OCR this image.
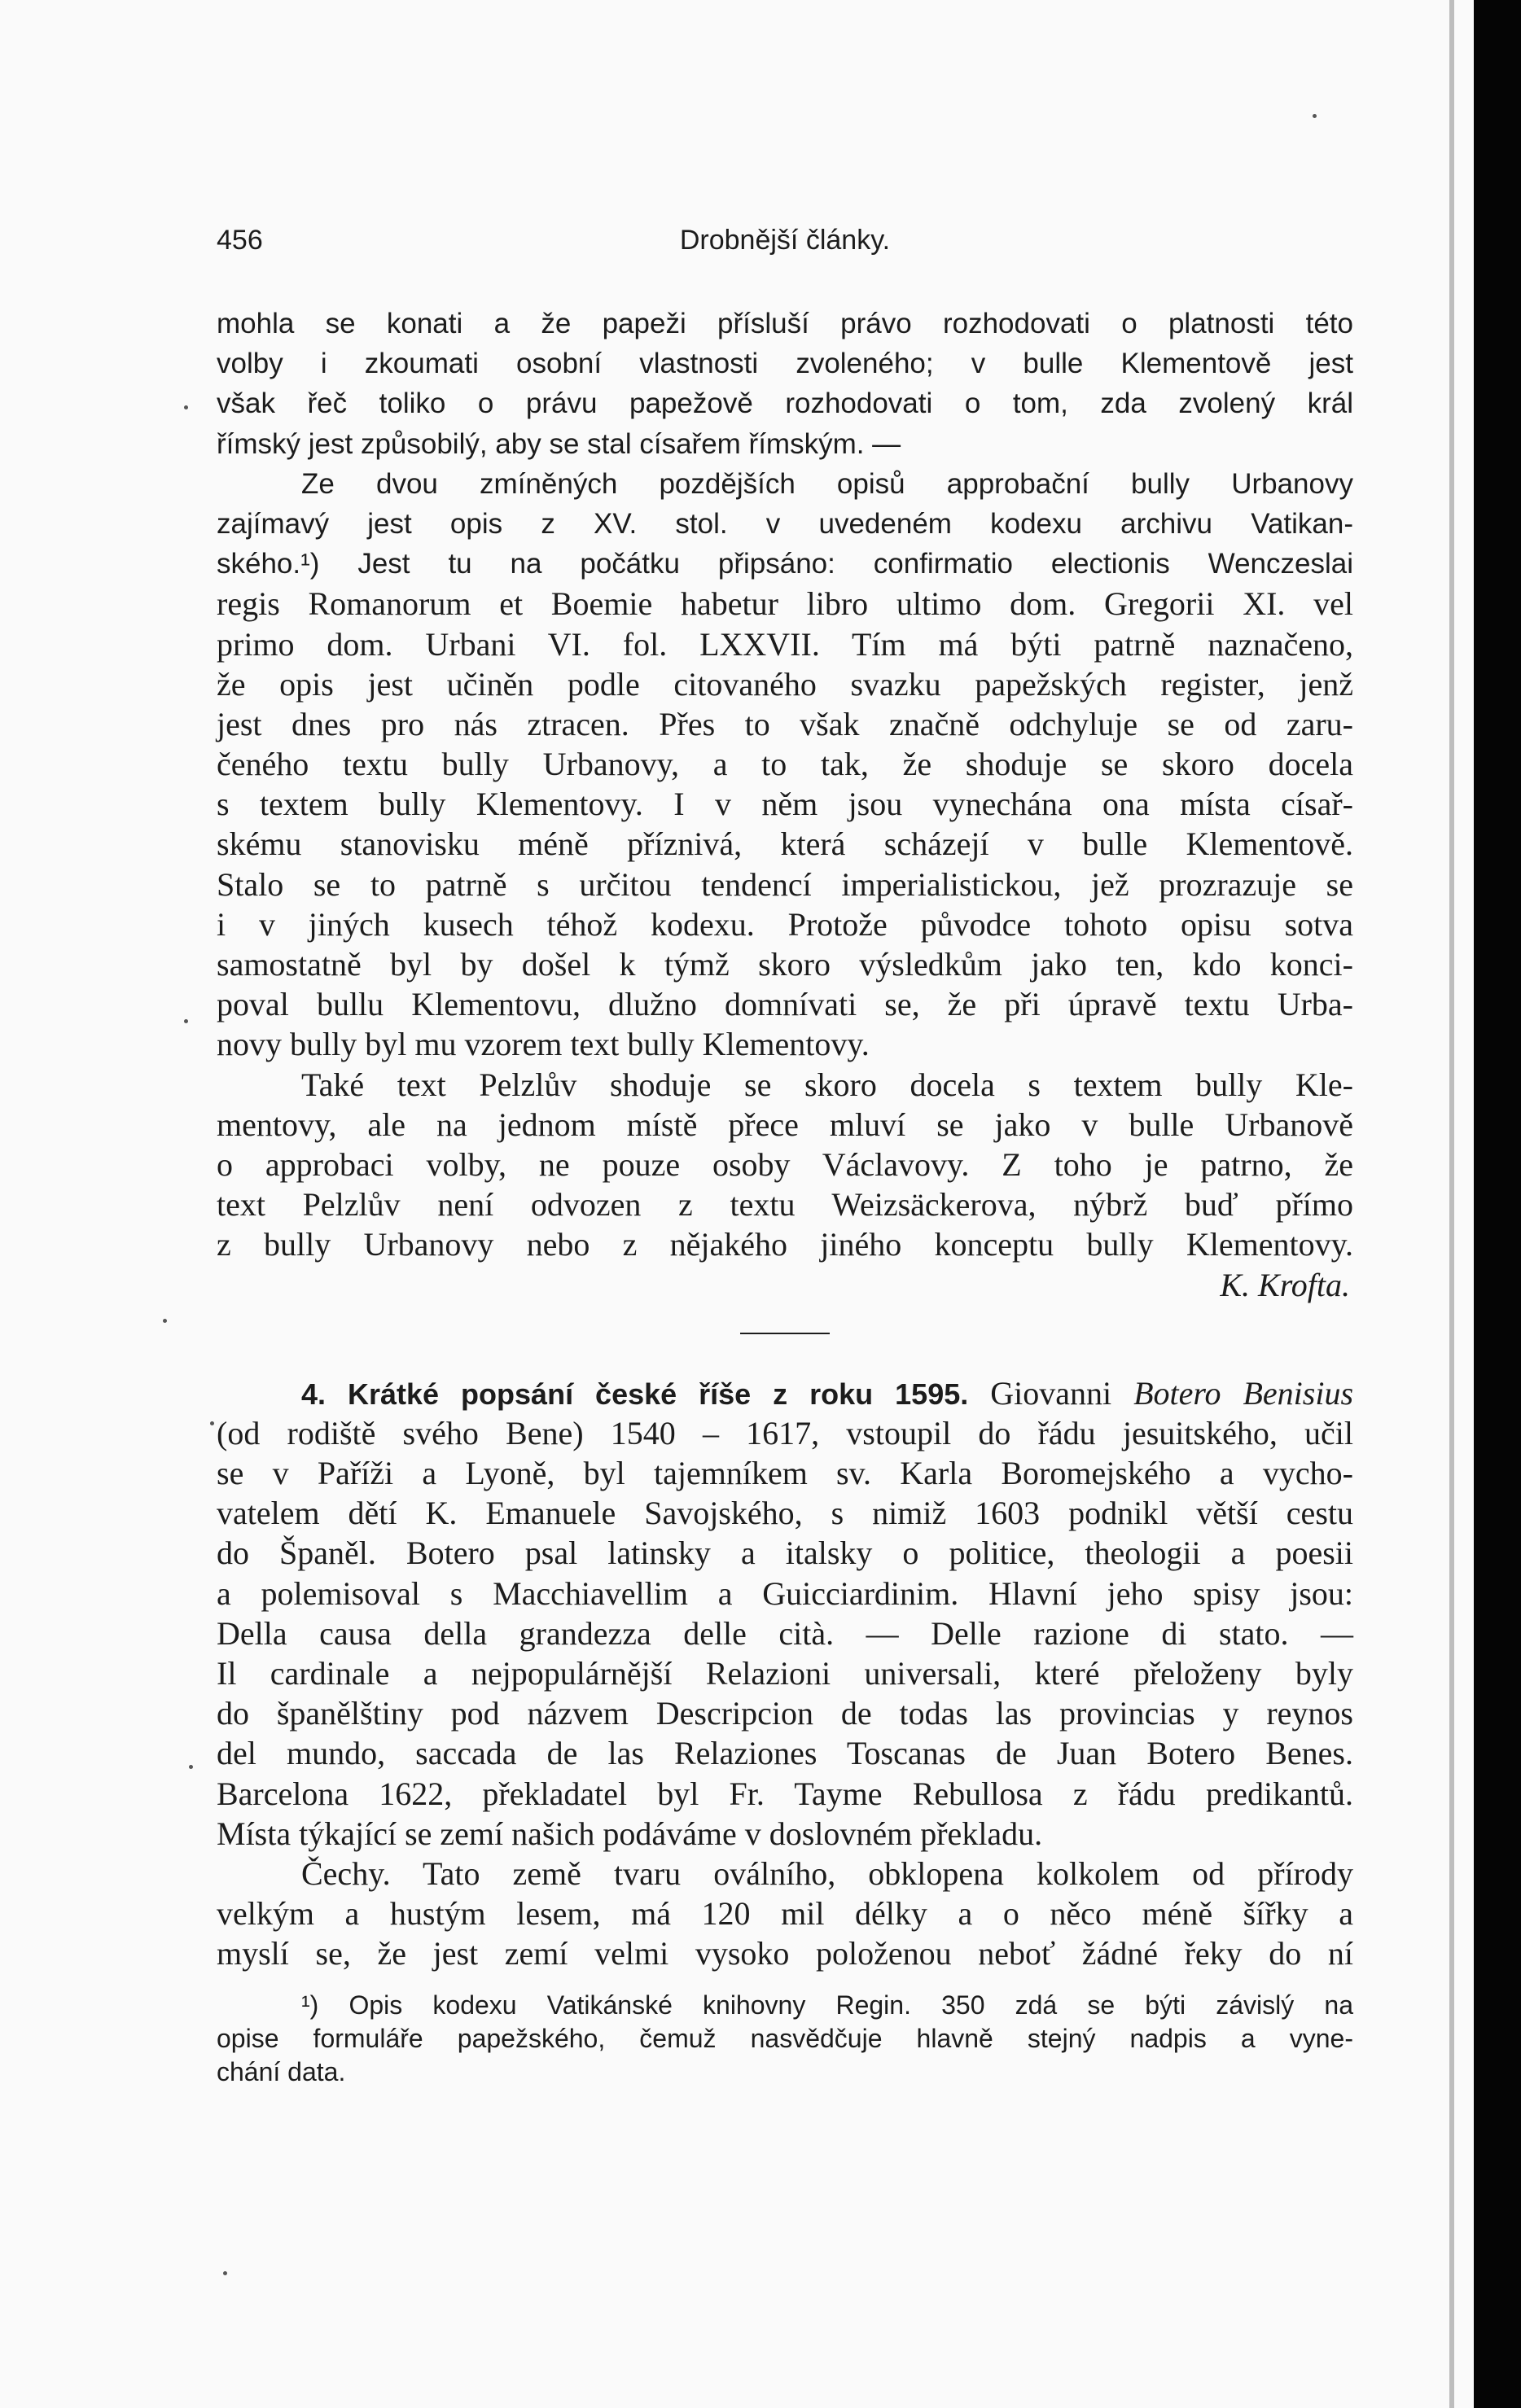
456	Drobnější články.

mohla se konati a že papeži přísluší právo rozhodovati o platnosti této

volby i zkoumati osobní vlastnosti zvoleného; v bulle Klementově jest

však řeč toliko o právu papežově rozhodovati o tom, zda zvolený král

římský jest způsobilý, aby se stal císařem římským. —

Ze dvou zmíněných pozdějších opisů approbační bully Urbanovy

zajímavý jest opis z XV. stol. v uvedeném kodexu archivu Vatikan-

ského.¹) Jest tu na počátku připsáno: confirmatio electionis Wenczeslai

regis Romanorum et Boemie habetur libro ultimo dom. Gregorii XI. vel

primo dom. Urbani VI. fol. LXXVII. Tím má býti patrně naznačeno,

že opis jest učiněn podle citovaného svazku papežských register, jenž

jest dnes pro nás ztracen. Přes to však značně odchyluje se od zaru-

čeného textu bully Urbanovy, a to tak, že shoduje se skoro docela

s textem bully Klementovy. I v něm jsou vynechána ona místa císař-

skému stanovisku méně příznivá, která scházejí v bulle Klementově.

Stalo se to patrně s určitou tendencí imperialistickou, jež prozrazuje se

i v jiných kusech téhož kodexu. Protože původce tohoto opisu sotva

samostatně byl by došel k týmž skoro výsledkům jako ten, kdo konci-

poval bullu Klementovu, dlužno domnívati se, že při úpravě textu Urba-

novy bully byl mu vzorem text bully Klementovy.

Také text Pelzlův shoduje se skoro docela s textem bully Kle-

mentovy, ale na jednom místě přece mluví se jako v bulle Urbanově

o approbaci volby, ne pouze osoby Václavovy. Z toho je patrno, že

text Pelzlův není odvozen z textu Weizsäckerova, nýbrž buď přímo

z bully Urbanovy nebo z nějakého jiného konceptu bully Klementovy.

K. Krofta.

4. Krátké popsání české říše z roku 1595. Giovanni Botero Benisius

(od rodiště svého Bene) 1540 – 1617, vstoupil do řádu jesuitského, učil

se v Paříži a Lyoně, byl tajemníkem sv. Karla Boromejského a vycho-

vatelem dětí K. Emanuele Savojského, s nimiž 1603 podnikl větší cestu

do Španěl. Botero psal latinsky a italsky o politice, theologii a poesii

a polemisoval s Macchiavellim a Guicciardinim. Hlavní jeho spisy jsou:

Della causa della grandezza delle cità. — Delle razione di stato. —

Il cardinale a nejpopulárnější Relazioni universali, které přeloženy byly

do španělštiny pod názvem Descripcion de todas las provincias y reynos

del mundo, saccada de las Relaziones Toscanas de Juan Botero Benes.

Barcelona 1622, překladatel byl Fr. Tayme Rebullosa z řádu predikantů.

Místa týkající se zemí našich podáváme v doslovném překladu.

Čechy. Tato země tvaru oválního, obklopena kolkolem od přírody

velkým a hustým lesem, má 120 mil délky a o něco méně šířky a

myslí se, že jest zemí velmi vysoko položenou neboť žádné řeky do ní

¹) Opis kodexu Vatikánské knihovny Regin. 350 zdá se býti závislý na

opise formuláře papežského, čemuž nasvědčuje hlavně stejný nadpis a vyne-

chání data.
